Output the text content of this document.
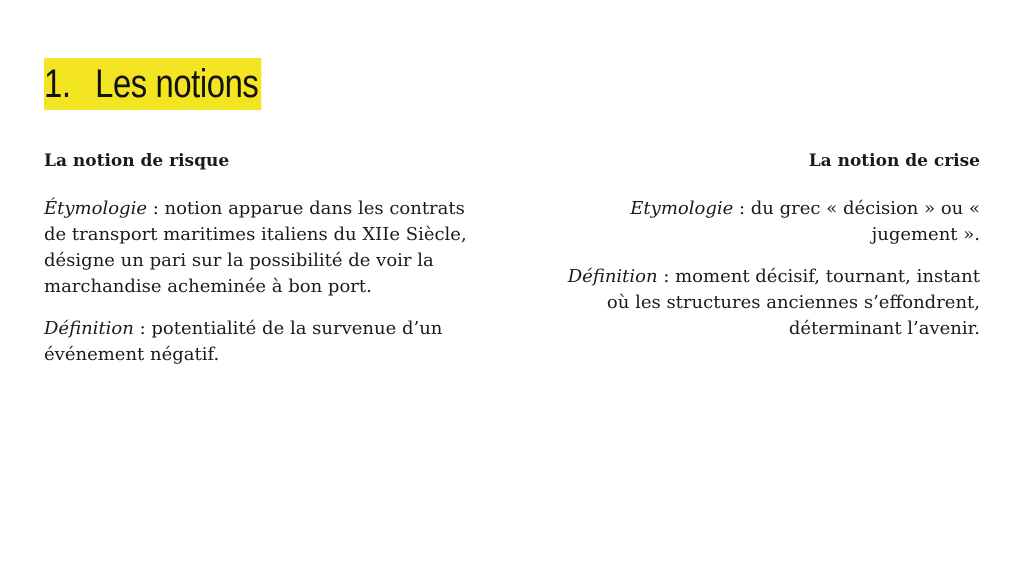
1. Les notions
La notion de risque

Étymologie : notion apparue dans les contrats de transport maritimes italiens du XIIe Siècle, désigne un pari sur la possibilité de voir la marchandise acheminée à bon port.

Définition : potentialité de la survenue d’un événement négatif.

La notion de crise

Etymologie : du grec « décision » ou « jugement ».

Définition : moment décisif, tournant, instant où les structures anciennes s’effondrent, déterminant l’avenir.
